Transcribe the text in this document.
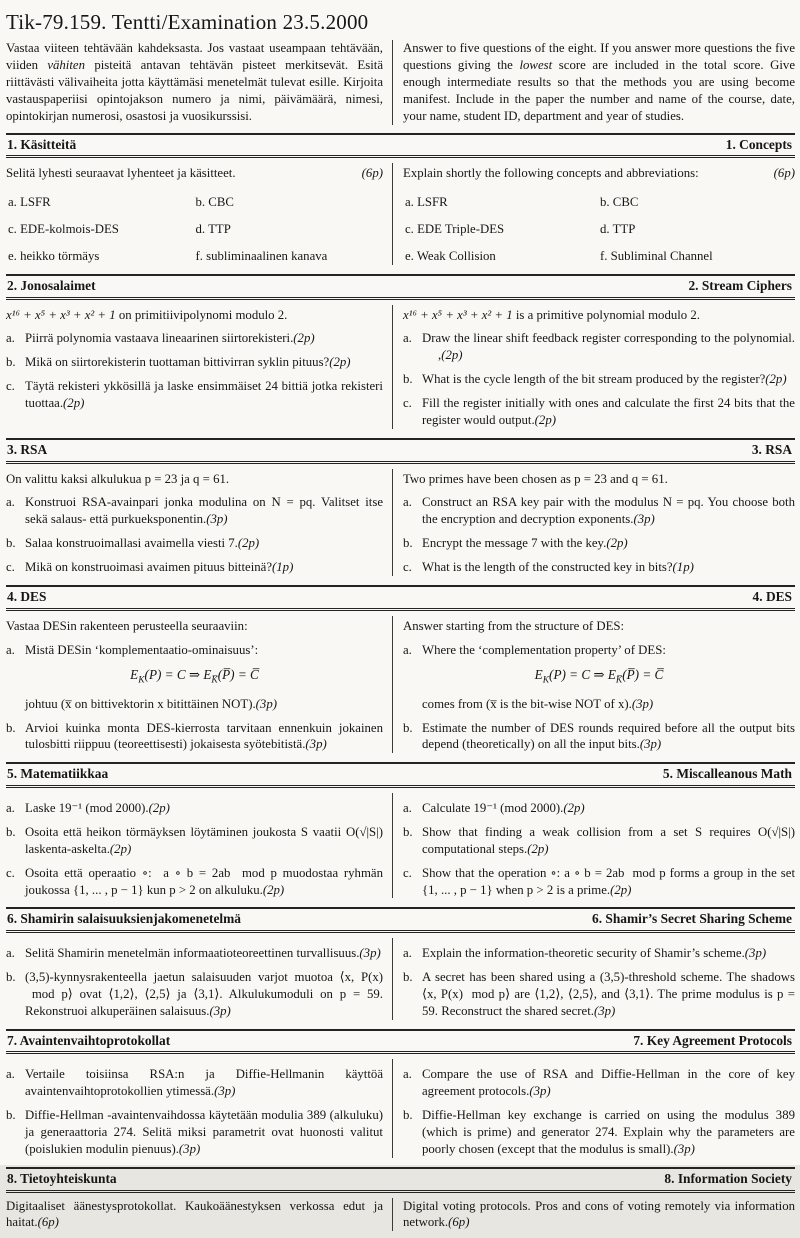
Tik-79.159. Tentti/Examination 23.5.2000
Vastaa viiteen tehtävään kahdeksasta. Jos vastaat useampaan tehtävään, viiden vähiten pisteitä antavan tehtävän pisteet merkitsevät. Esitä riittävästi välivaiheita jotta käyttämäsi menetelmät tulevat esille. Kirjoita vastauspaperiisi opintojakson numero ja nimi, päivämäärä, nimesi, opintokirjan numerosi, osastosi ja vuosikurssisi.
Answer to five questions of the eight. If you answer more questions the five questions giving the lowest score are included in the total score. Give enough intermediate results so that the methods you are using become manifest. Include in the paper the number and name of the course, date, your name, student ID, department and year of studies.
1. Käsitteitä	1. Concepts
(6p)
Selitä lyhesti seuraavat lyhenteet ja käsitteet.
a. LSFR	b. CBC
c. EDE-kolmois-DES	d. TTP
e. heikko törmäys	f. subliminaalinen kanava
(6p)
Explain shortly the following concepts and abbreviations:
a. LSFR	b. CBC
c. EDE Triple-DES	d. TTP
e. Weak Collision	f. Subliminal Channel
2. Jonosalaimet	2. Stream Ciphers
x¹⁶ + x⁵ + x³ + x² + 1 on primitiivipolynomi modulo 2.
a. Piirrä polynomia vastaava lineaarinen siirtorekisteri.(2p)
b. Mikä on siirtorekisterin tuottaman bittivirran syklin pituus?(2p)
c. Täytä rekisteri ykkösillä ja laske ensimmäiset 24 bittiä jotka rekisteri tuottaa.(2p)
x¹⁶ + x⁵ + x³ + x² + 1 is a primitive polynomial modulo 2.
a. Draw the linear shift feedback register corresponding to the polynomial.      ,(2p)
b. What is the cycle length of the bit stream produced by the register?(2p)
c. Fill the register initially with ones and calculate the first 24 bits that the register would output.(2p)
3. RSA	3. RSA
On valittu kaksi alkulukua p = 23 ja q = 61.
a. Konstruoi RSA-avainpari jonka modulina on N = pq. Valitset itse sekä salaus- että purkueksponentin.(3p)
b. Salaa konstruoimallasi avaimella viesti 7.(2p)
c. Mikä on konstruoimasi avaimen pituus bitteinä?(1p)
Two primes have been chosen as p = 23 and q = 61.
a. Construct an RSA key pair with the modulus N = pq. You choose both the encryption and decryption exponents.(3p)
b. Encrypt the message 7 with the key.(2p)
c. What is the length of the constructed key in bits?(1p)
4. DES	4. DES
Vastaa DESin rakenteen perusteella seuraaviin:
a. Mistä DESin ‘komplementaatio-ominaisuus’:
$E_K(P) = C$ ⇒ $E_{K̅}(P̅)$ = C̅
johtuu (x̅ on bittivektorin x bitittäinen NOT).(3p)
b. Arvioi kuinka monta DES-kierrosta tarvitaan ennenkuin jokainen tulosbitti riippuu (teoreettisesti) jokaisesta syötebitistä.(3p)
Answer starting from the structure of DES:
a. Where the ‘complementation property’ of DES:
$E_K(P) = C$ ⇒ $E_{K̅}(P̅)$ = C̅
comes from (x̅ is the bit-wise NOT of x).(3p)
b. Estimate the number of DES rounds required before all the output bits depend (theoretically) on all the input bits.(3p)
5. Matematiikkaa	5. Miscalleanous Math
a. Laske 19⁻¹ (mod 2000).(2p)
b. Osoita että heikon törmäyksen löytäminen joukosta S vaatii O(√|S|) laskenta-askelta.(2p)
c. Osoita että operaatio ∘:  a ∘ b = 2ab  mod p muodostaa ryhmän joukossa {1, ... , p − 1} kun p > 2 on alkuluku.(2p)
a. Calculate 19⁻¹ (mod 2000).(2p)
b. Show that finding a weak collision from a set S requires O(√|S|) computational steps.(2p)
c. Show that the operation ∘: a ∘ b = 2ab  mod p forms a group in the set {1, ... , p − 1} when p > 2 is a prime.(2p)
6. Shamirin salaisuuksienjakomenetelmä	6. Shamir’s Secret Sharing Scheme
a. Selitä Shamirin menetelmän informaatioteoreettinen turvallisuus.(3p)
b. (3,5)-kynnysrakenteella jaetun salaisuuden varjot muotoa ⟨x, P(x)  mod p⟩ ovat ⟨1,2⟩, ⟨2,5⟩ ja ⟨3,1⟩. Alkulukumoduli on p = 59. Rekonstruoi alkuperäinen salaisuus.(3p)
a. Explain the information-theoretic security of Shamir’s scheme.(3p)
b. A secret has been shared using a (3,5)-threshold scheme. The shadows ⟨x, P(x)  mod p⟩ are ⟨1,2⟩, ⟨2,5⟩, and ⟨3,1⟩. The prime modulus is p = 59. Reconstruct the shared secret.(3p)
7. Avaintenvaihtoprotokollat	7. Key Agreement Protocols
a. Vertaile toisiinsa RSA:n ja Diffie-Hellmanin käyttöä avaintenvaihtoprotokollien ytimessä.(3p)
b. Diffie-Hellman -avaintenvaihdossa käytetään modulia 389 (alkuluku) ja generaattoria 274. Selitä miksi parametrit ovat huonosti valitut (poislukien modulin pienuus).(3p)
a. Compare the use of RSA and Diffie-Hellman in the core of key agreement protocols.(3p)
b. Diffie-Hellman key exchange is carried on using the modulus 389 (which is prime) and generator 274. Explain why the parameters are poorly chosen (except that the modulus is small).(3p)
8. Tietoyhteiskunta	8. Information Society
Digitaaliset äänestysprotokollat. Kaukoäänestyksen verkossa edut ja haitat.(6p)
Digital voting protocols. Pros and cons of voting remotely via information network.(6p)
